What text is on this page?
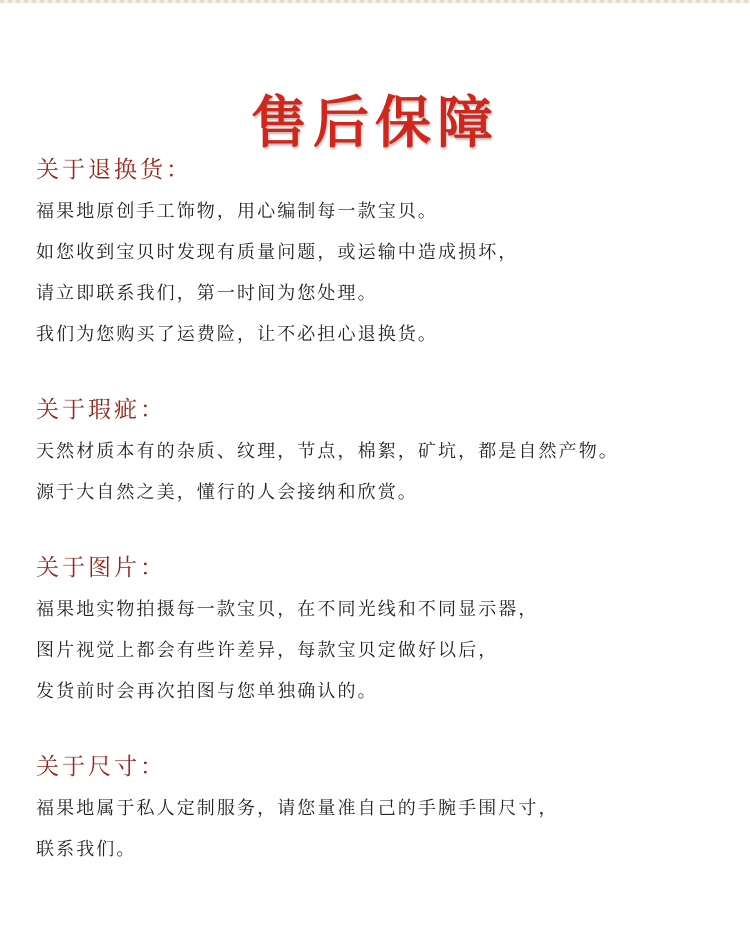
售后保障
关于退换货：
福果地原创手工饰物，用心编制每一款宝贝。
如您收到宝贝时发现有质量问题，或运输中造成损坏，
请立即联系我们，第一时间为您处理。
我们为您购买了运费险，让不必担心退换货。
关于瑕疵：
天然材质本有的杂质、纹理，节点，棉絮，矿坑，都是自然产物。
源于大自然之美，懂行的人会接纳和欣赏。
关于图片：
福果地实物拍摄每一款宝贝，在不同光线和不同显示器，
图片视觉上都会有些许差异，每款宝贝定做好以后，
发货前时会再次拍图与您单独确认的。
关于尺寸：
福果地属于私人定制服务，请您量准自己的手腕手围尺寸，
联系我们。
